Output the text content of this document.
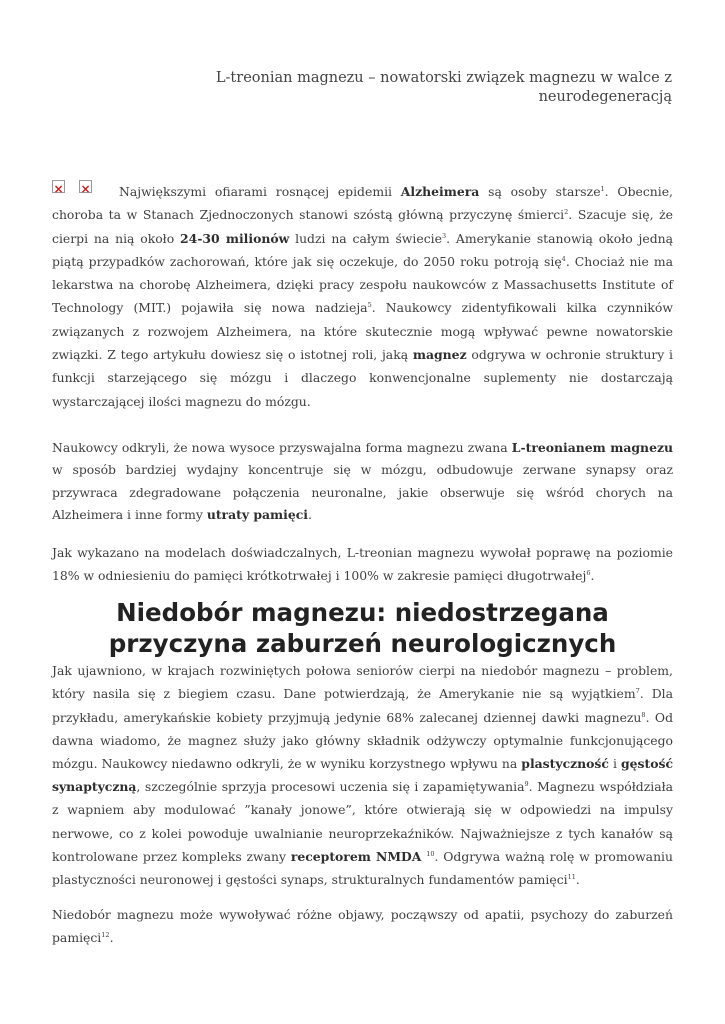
L-treonian magnezu – nowatorski związek magnezu w walce z neurodegeneracją

××
Największymi ofiarami rosnącej epidemii Alzheimera są osoby starsze$^1$. Obecnie, choroba ta w Stanach Zjednoczonych stanowi szóstą główną przyczynę śmierci$^2$. Szacuje się, że cierpi na nią około 24-30 milionów ludzi na całym świecie$^3$. Amerykanie stanowią około jedną piątą przypadków zachorowań, które jak się oczekuje, do 2050 roku potroją się$^4$. Chociaż nie ma lekarstwa na chorobę Alzheimera, dzięki pracy zespołu naukowców z Massachusetts Institute of Technology (MIT.) pojawiła się nowa nadzieja$^5$. Naukowcy zidentyfikowali kilka czynników związanych z rozwojem Alzheimera, na które skutecznie mogą wpływać pewne nowatorskie związki. Z tego artykułu dowiesz się o istotnej roli, jaką magnez odgrywa w ochronie struktury i funkcji starzejącego się mózgu i dlaczego konwencjonalne suplementy nie dostarczają wystarczającej ilości magnezu do mózgu.

Naukowcy odkryli, że nowa wysoce przyswajalna forma magnezu zwana L-treonianem magnezu w sposób bardziej wydajny koncentruje się w mózgu, odbudowuje zerwane synapsy oraz przywraca zdegradowane połączenia neuronalne, jakie obserwuje się wśród chorych na Alzheimera i inne formy utraty pamięci.

Jak wykazano na modelach doświadczalnych, L-treonian magnezu wywołał poprawę na poziomie 18% w odniesieniu do pamięci krótkotrwałej i 100% w zakresie pamięci długotrwałej$^6$.

Niedobór magnezu: niedostrzegana przyczyna zaburzeń neurologicznych

Jak ujawniono, w krajach rozwiniętych połowa seniorów cierpi na niedobór magnezu – problem, który nasila się z biegiem czasu. Dane potwierdzają, że Amerykanie nie są wyjątkiem$^7$. Dla przykładu, amerykańskie kobiety przyjmują jedynie 68% zalecanej dziennej dawki magnezu$^8$. Od dawna wiadomo, że magnez służy jako główny składnik odżywczy optymalnie funkcjonującego mózgu. Naukowcy niedawno odkryli, że w wyniku korzystnego wpływu na plastyczność i gęstość synaptyczną, szczególnie sprzyja procesowi uczenia się i zapamiętywania$^9$. Magnezu współdziała z wapniem aby modulować ”kanały jonowe”, które otwierają się w odpowiedzi na impulsy nerwowe, co z kolei powoduje uwalnianie neuroprzekaźników. Najważniejsze z tych kanałów są kontrolowane przez kompleks zwany receptorem NMDA $^{10}$. Odgrywa ważną rolę w promowaniu plastyczności neuronowej i gęstości synaps, strukturalnych fundamentów pamięci$^{11}$.

Niedobór magnezu może wywoływać różne objawy, począwszy od apatii, psychozy do zaburzeń pamięci$^{12}$.
